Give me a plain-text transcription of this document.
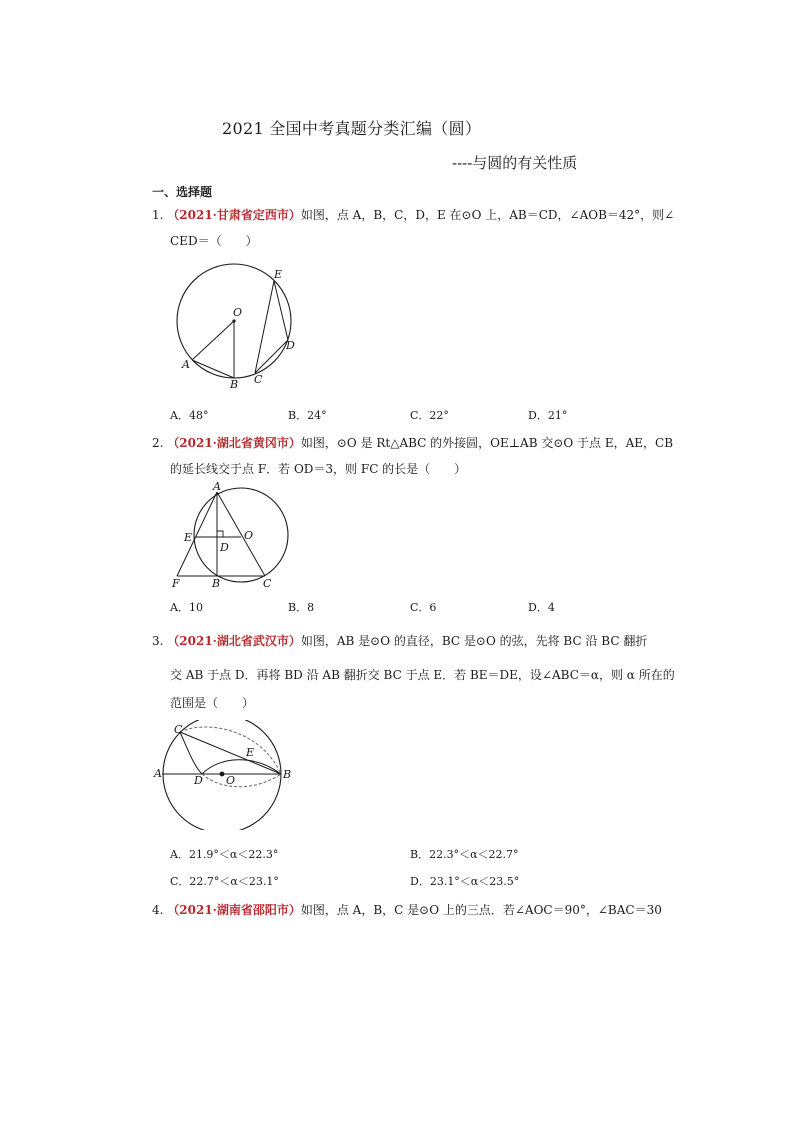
2021 全国中考真题分类汇编（圆）
----与圆的有关性质
一、选择题
1. （2021·甘肃省定西市）如图，点 A，B，C，D，E 在⊙O 上，AB＝CD，∠AOB＝42°，则∠
CED＝（　　）
O
E
D
C
B
A
A．48°	B．24°	C．22°	D．21°
2. （2021·湖北省黄冈市）如图，⊙O 是 Rt△ABC 的外接圆，OE⊥AB 交⊙O 于点 E，AE，CB
的延长线交于点 F．若 OD＝3，则 FC 的长是（　　）
A
E
D
O
F	B	C
A．10	B．8	C．6	D．4
3. （2021·湖北省武汉市）如图，AB 是⊙O 的直径，BC 是⊙O 的弦，先将 BC 沿 BC 翻折
交 AB 于点 D．再将 BD 沿 AB 翻折交 BC 于点 E．若 BE＝DE，设∠ABC＝α，则 α 所在的
范围是（　　）
C
E
A
D O	B
A．21.9°＜α＜22.3°	B．22.3°＜α＜22.7°
C．22.7°＜α＜23.1°	D．23.1°＜α＜23.5°
4. （2021·湖南省邵阳市）如图，点 A，B，C 是⊙O 上的三点．若∠AOC＝90°，∠BAC＝30
